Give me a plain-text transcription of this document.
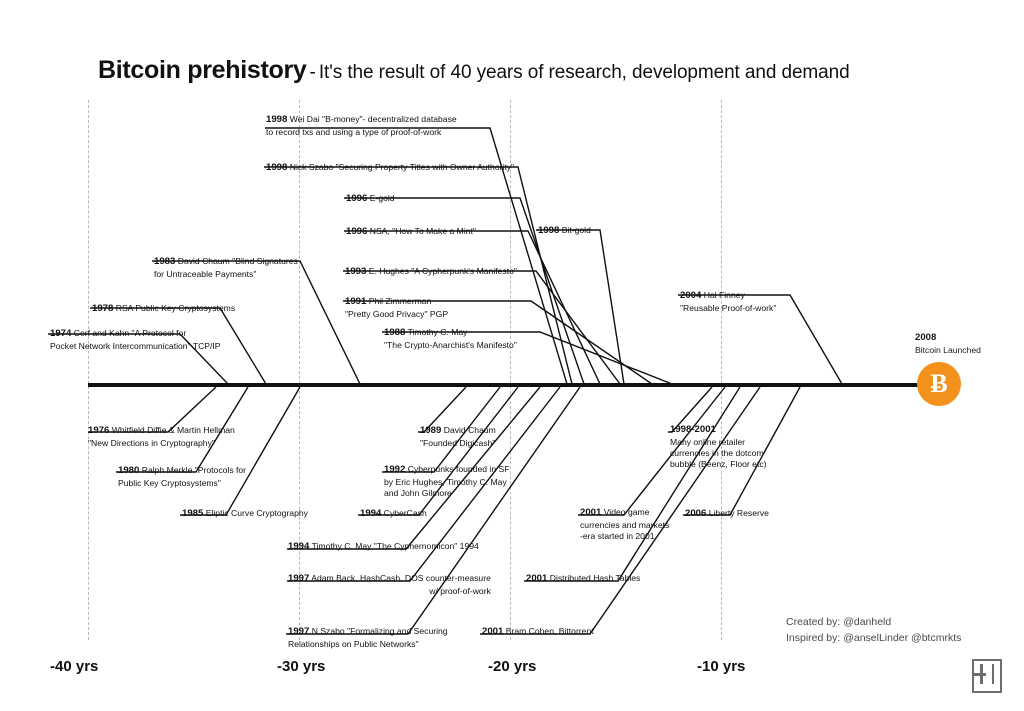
Bitcoin prehistory - It's the result of 40 years of research, development and demand
-40 yrs	-30 yrs	-20 yrs	-10 yrs
1998 Wei Dai "B-money"- decentralized database
to record txs and using a type of proof-of-work
1998 Nick Szabo "Securing Property Titles with Owner Authority"
1996 E-gold
1996 NSA, "How To Make a Mint"	1998 Bit-gold
1993 E. Hughes "A Cypherpunk's Manifesto"
1983 David Chaum "Blind Signatures
for Untraceable Payments"
1991 Phil Zimmerman
"Pretty Good Privacy" PGP
2004 Hal Finney
"Reusable Proof-of-work"
1978 RSA Public Key Cryptosystems
1988 Timothy C. May
"The Crypto-Anarchist's Manifesto"
1974 Cerf and Kahn "A Protocol for
Pocket Network Intercommunication" TCP/IP
1976 Whitfield Diffie & Martin Hellman
"New Directions in Cryptography"
1989 David Chaum
"Founded Digicash"
1998-2001
Many online retailer
currencies in the dotcom
bubble (Beenz, Floor etc)
1980 Ralph Merkle "Protocols for
Public Key Cryptosystems"
1992 Cyberpunks founded in SF
by Eric Hughes, Timothy C. May
and John Gilmore
1985 Eliptic Curve Cryptography	1994 CyberCash	2001 Video game
currencies and markets
-era started in 2001
2006 Liberty Reserve
1994 Timothy C. May "The Cyphernomicon" 1994
1997 Adam Back, HashCash, DOS counter-measure
w/ proof-of-work
2001 Distributed Hash Tables
1997 N.Szabo "Formalizing and Securing
Relationships on Public Networks"
2001 Bram Cohen, Bittorrent
2008
Bitcoin Launched
Ƀ
Created by: @danheld
Inspired by: @anselLinder @btcmrkts
